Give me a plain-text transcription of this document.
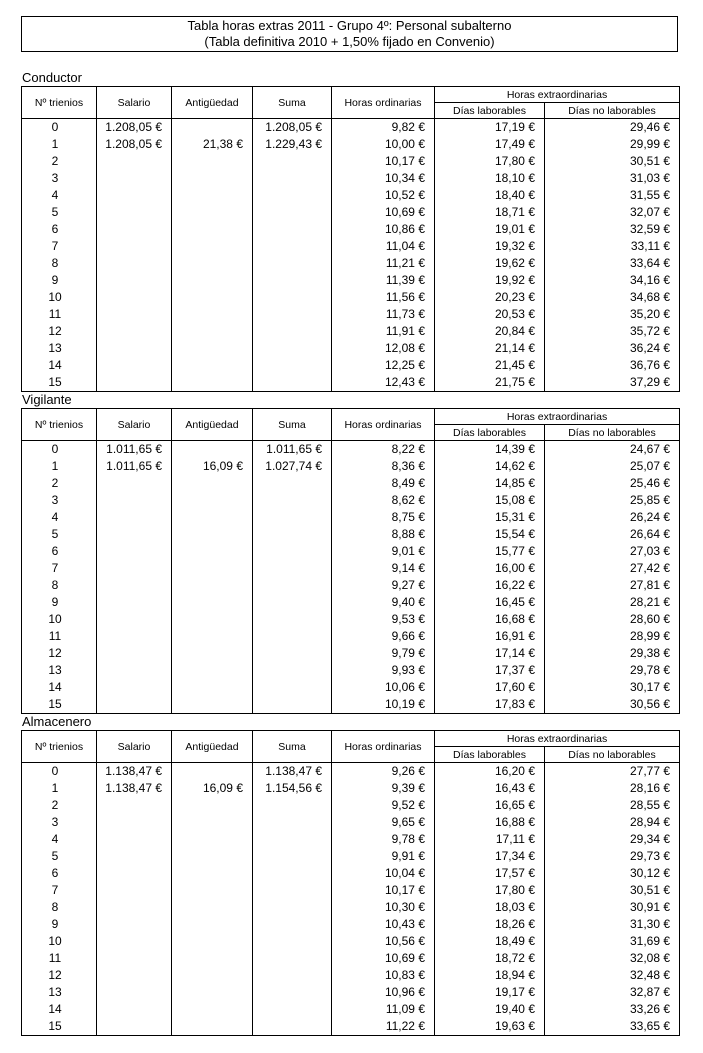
Tabla horas extras 2011 - Grupo 4º: Personal subalterno
(Tabla definitiva 2010 + 1,50% fijado en Convenio)
Conductor
Nº trienios	Salario	Antigüedad	Suma	Horas ordinarias	Horas extraordinarias	
					Días laborables	Días no laborables
0	1.208,05 €		1.208,05 €	9,82 €	17,19 €	29,46 €
1	1.208,05 €	21,38 €	1.229,43 €	10,00 €	17,49 €	29,99 €
2				10,17 €	17,80 €	30,51 €
3				10,34 €	18,10 €	31,03 €
4				10,52 €	18,40 €	31,55 €
5				10,69 €	18,71 €	32,07 €
6				10,86 €	19,01 €	32,59 €
7				11,04 €	19,32 €	33,11 €
8				11,21 €	19,62 €	33,64 €
9				11,39 €	19,92 €	34,16 €
10				11,56 €	20,23 €	34,68 €
11				11,73 €	20,53 €	35,20 €
12				11,91 €	20,84 €	35,72 €
13				12,08 €	21,14 €	36,24 €
14				12,25 €	21,45 €	36,76 €
15				12,43 €	21,75 €	37,29 €
Vigilante
Nº trienios	Salario	Antigüedad	Suma	Horas ordinarias	Horas extraordinarias	
					Días laborables	Días no laborables
0	1.011,65 €		1.011,65 €	8,22 €	14,39 €	24,67 €
1	1.011,65 €	16,09 €	1.027,74 €	8,36 €	14,62 €	25,07 €
2				8,49 €	14,85 €	25,46 €
3				8,62 €	15,08 €	25,85 €
4				8,75 €	15,31 €	26,24 €
5				8,88 €	15,54 €	26,64 €
6				9,01 €	15,77 €	27,03 €
7				9,14 €	16,00 €	27,42 €
8				9,27 €	16,22 €	27,81 €
9				9,40 €	16,45 €	28,21 €
10				9,53 €	16,68 €	28,60 €
11				9,66 €	16,91 €	28,99 €
12				9,79 €	17,14 €	29,38 €
13				9,93 €	17,37 €	29,78 €
14				10,06 €	17,60 €	30,17 €
15				10,19 €	17,83 €	30,56 €
Almacenero
Nº trienios	Salario	Antigüedad	Suma	Horas ordinarias	Horas extraordinarias	
					Días laborables	Días no laborables
0	1.138,47 €		1.138,47 €	9,26 €	16,20 €	27,77 €
1	1.138,47 €	16,09 €	1.154,56 €	9,39 €	16,43 €	28,16 €
2				9,52 €	16,65 €	28,55 €
3				9,65 €	16,88 €	28,94 €
4				9,78 €	17,11 €	29,34 €
5				9,91 €	17,34 €	29,73 €
6				10,04 €	17,57 €	30,12 €
7				10,17 €	17,80 €	30,51 €
8				10,30 €	18,03 €	30,91 €
9				10,43 €	18,26 €	31,30 €
10				10,56 €	18,49 €	31,69 €
11				10,69 €	18,72 €	32,08 €
12				10,83 €	18,94 €	32,48 €
13				10,96 €	19,17 €	32,87 €
14				11,09 €	19,40 €	33,26 €
15				11,22 €	19,63 €	33,65 €
